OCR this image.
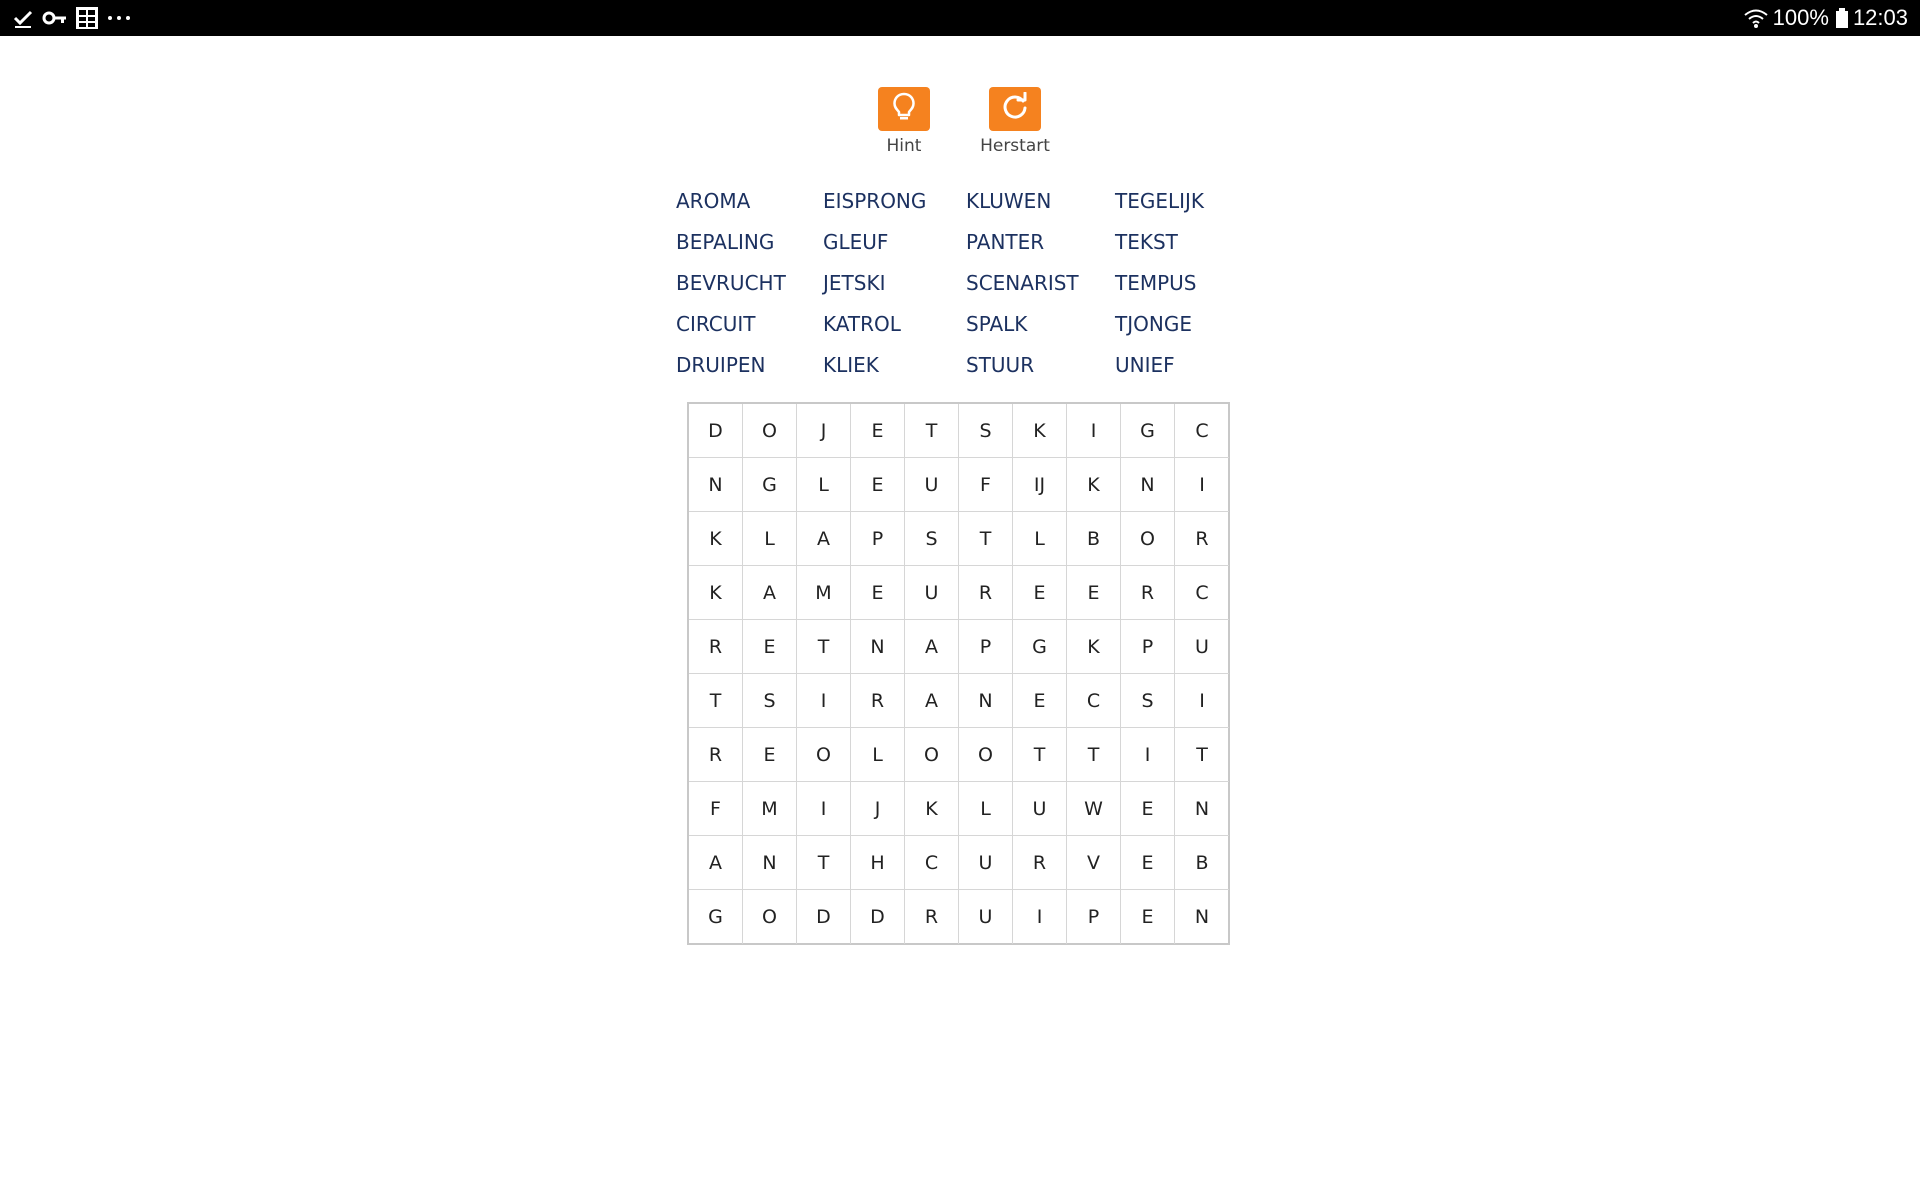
100% 12:03
Hint	Herstart
AROMA
BEPALING
BEVRUCHT
CIRCUIT
DRUIPEN
EISPRONG
GLEUF
JETSKI
KATROL
KLIEK
KLUWEN
PANTER
SCENARIST
SPALK
STUUR
TEGELIJK
TEKST
TEMPUS
TJONGE
UNIEF
D	O	J	E	T	S	K	I	G	C
N	G	L	E	U	F	IJ	K	N	I
K	L	A	P	S	T	L	B	O	R
K	A	M	E	U	R	E	E	R	C
R	E	T	N	A	P	G	K	P	U
T	S	I	R	A	N	E	C	S	I
R	E	O	L	O	O	T	T	I	T
F	M	I	J	K	L	U	W	E	N
A	N	T	H	C	U	R	V	E	B
G	O	D	D	R	U	I	P	E	N
